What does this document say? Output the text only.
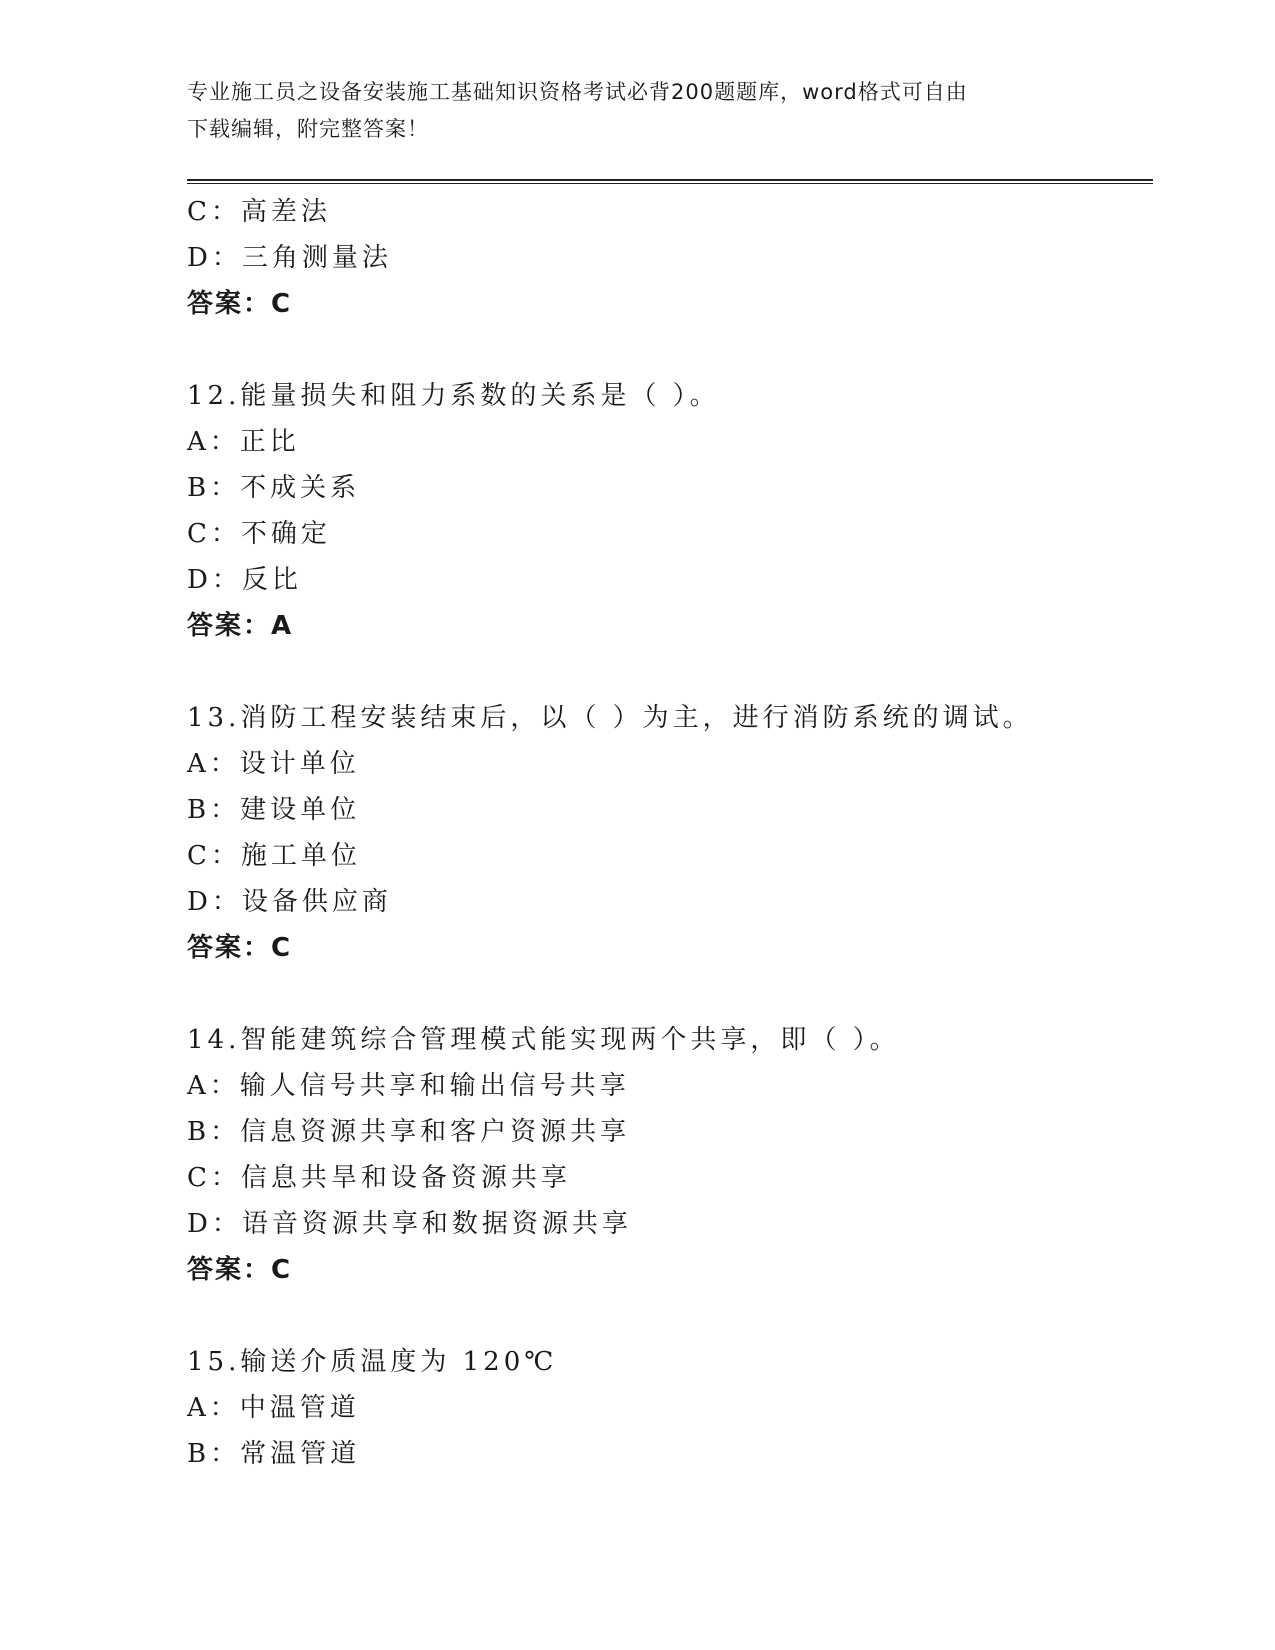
专业施工员之设备安装施工基础知识资格考试必背200题题库，word格式可自由
下载编辑，附完整答案！
C：高差法
D：三角测量法
答案：C
12.能量损失和阻力系数的关系是（ ）。
A：正比
B：不成关系
C：不确定
D：反比
答案：A
13.消防工程安装结束后，以（ ）为主，进行消防系统的调试。
A：设计单位
B：建设单位
C：施工单位
D：设备供应商
答案：C
14.智能建筑综合管理模式能实现两个共享，即（ ）。
A：输人信号共享和输出信号共享
B：信息资源共享和客户资源共享
C：信息共旱和设备资源共享
D：语音资源共享和数据资源共享
答案：C
15.输送介质温度为 120℃
A：中温管道
B：常温管道
